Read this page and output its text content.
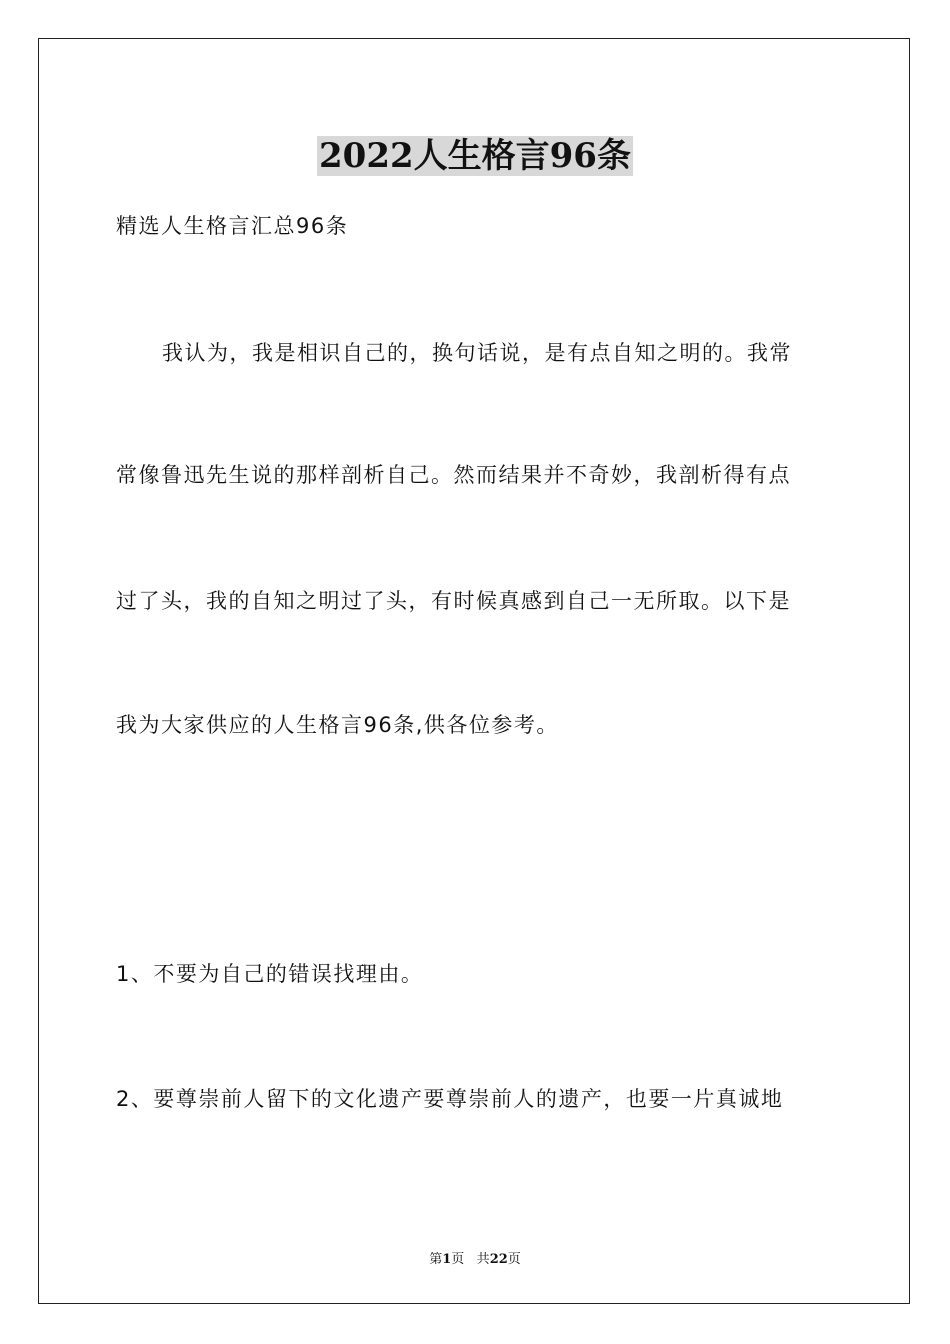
2022人生格言96条
精选人生格言汇总96条
我认为，我是相识自己的，换句话说，是有点自知之明的。我常
常像鲁迅先生说的那样剖析自己。然而结果并不奇妙，我剖析得有点
过了头，我的自知之明过了头，有时候真感到自己一无所取。以下是
我为大家供应的人生格言96条,供各位参考。
1、不要为自己的错误找理由。
2、要尊崇前人留下的文化遗产要尊崇前人的遗产，也要一片真诚地
第1页 共22页
